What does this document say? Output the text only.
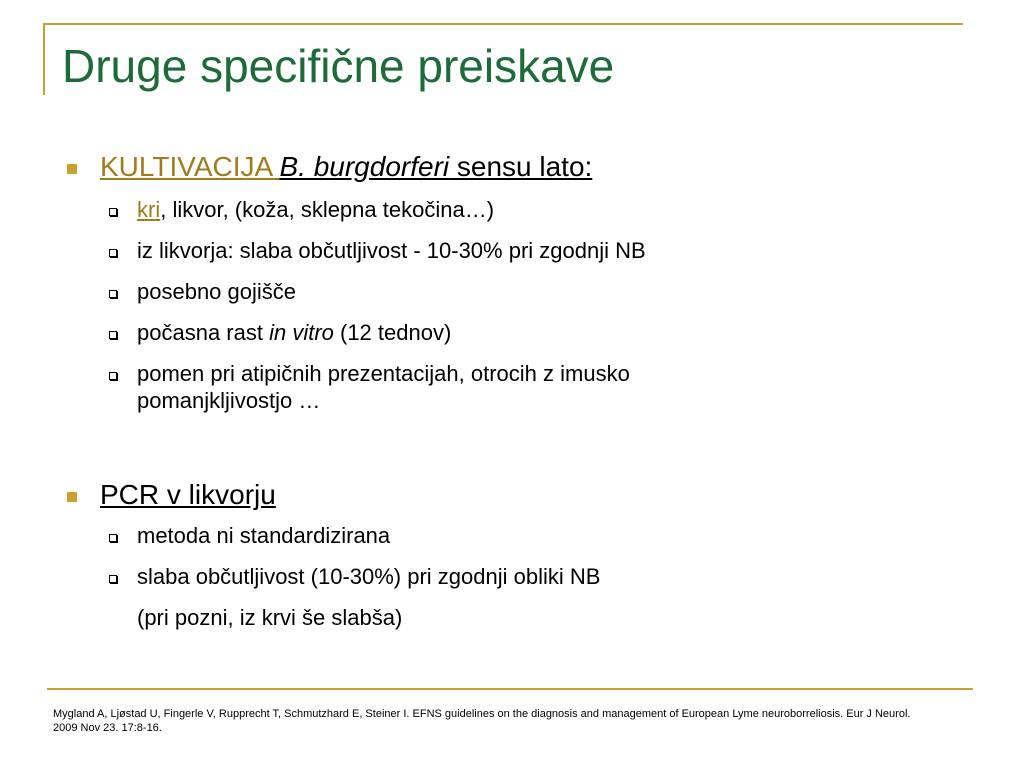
Druge specifične preiskave
KULTIVACIJA B. burgdorferi sensu lato:
kri, likvor, (koža, sklepna tekočina…)
iz likvorja: slaba občutljivost - 10-30% pri zgodnji NB
posebno gojišče
počasna rast in vitro (12 tednov)
pomen pri atipičnih prezentacijah, otrocih z imusko
pomanjkljivostjo …
PCR v likvorju
metoda ni standardizirana
slaba občutljivost (10-30%) pri zgodnji obliki NB
(pri pozni, iz krvi še slabša)
Mygland A, Ljøstad U, Fingerle V, Rupprecht T, Schmutzhard E, Steiner I. EFNS guidelines on the diagnosis and management of European Lyme neuroborreliosis. Eur J Neurol.
2009 Nov 23. 17:8-16.
